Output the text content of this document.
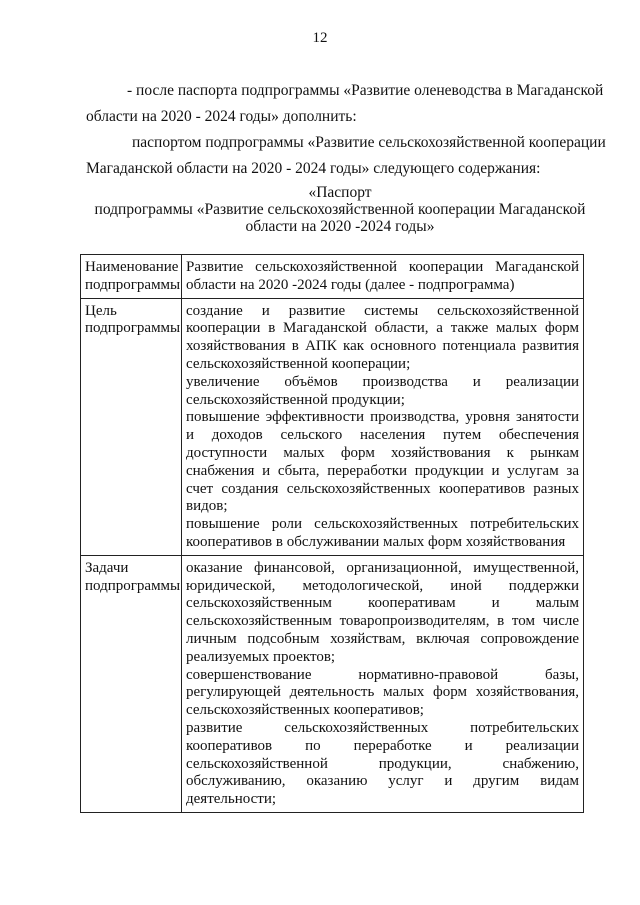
12
- после паспорта подпрограммы «Развитие оленеводства в Магаданской
области на 2020 - 2024 годы» дополнить:
паспортом подпрограммы «Развитие сельскохозяйственной кооперации
Магаданской области на 2020 - 2024 годы» следующего содержания:
«Паспорт
подпрограммы «Развитие сельскохозяйственной кооперации Магаданской
области на 2020 -2024 годы»
Наименование подпрограммы	Развитие сельскохозяйственной кооперации Магаданской области на 2020 -2024 годы (далее - подпрограмма)

Цель подпрограммы	создание и развитие системы сельскохозяйственной кооперации в Магаданской области, а также малых форм хозяйствования в АПК как основного потенциала развития сельскохозяйственной кооперации;
увеличение объёмов производства и реализации сельскохозяйственной продукции;
повышение эффективности производства, уровня занятости и доходов сельского населения путем обеспечения доступности малых форм хозяйствования к рынкам снабжения и сбыта, переработки продукции и услугам за счет создания сельскохозяйственных кооперативов разных видов;
повышение роли сельскохозяйственных потребительских кооперативов в обслуживании малых форм хозяйствования

Задачи подпрограммы	оказание финансовой, организационной, имущественной, юридической, методологической, иной поддержки сельскохозяйственным кооперативам и малым сельскохозяйственным товаропроизводителям, в том числе личным подсобным хозяйствам, включая сопровождение реализуемых проектов;
совершенствование нормативно-правовой базы, регулирующей деятельность малых форм хозяйствования, сельскохозяйственных кооперативов;
развитие сельскохозяйственных потребительских кооперативов по переработке и реализации сельскохозяйственной продукции, снабжению, обслуживанию, оказанию услуг и другим видам деятельности;
